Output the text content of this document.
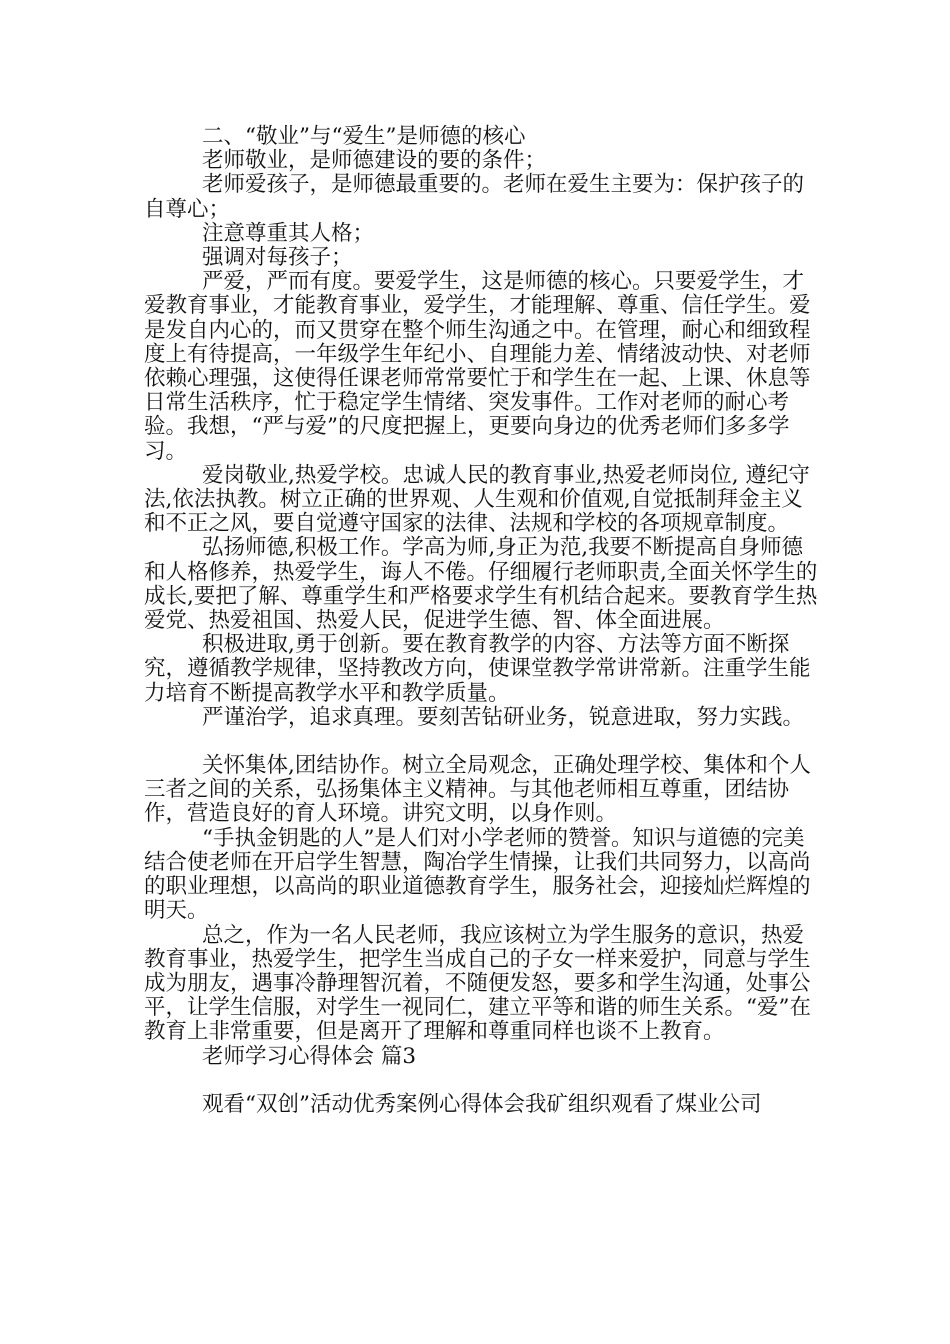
二、“敬业”与“爱生”是师德的核心

老师敬业，是师德建设的要的条件；

老师爱孩子，是师德最重要的。老师在爱生主要为：保护孩子的自尊心；

注意尊重其人格；

强调对每孩子；

严爱，严而有度。要爱学生，这是师德的核心。只要爱学生，才爱教育事业，才能教育事业，爱学生，才能理解、尊重、信任学生。爱是发自内心的，而又贯穿在整个师生沟通之中。在管理，耐心和细致程度上有待提高，一年级学生年纪小、自理能力差、情绪波动快、对老师依赖心理强，这使得任课老师常常要忙于和学生在一起、上课、休息等日常生活秩序，忙于稳定学生情绪、突发事件。工作对老师的耐心考验。我想，“严与爱”的尺度把握上，更要向身边的优秀老师们多多学习。

爱岗敬业,热爱学校。忠诚人民的教育事业,热爱老师岗位, 遵纪守法,依法执教。树立正确的世界观、人生观和价值观,自觉抵制拜金主义和不正之风，要自觉遵守国家的法律、法规和学校的各项规章制度。

弘扬师德,积极工作。学高为师,身正为范,我要不断提高自身师德和人格修养，热爱学生，诲人不倦。仔细履行老师职责,全面关怀学生的成长,要把了解、尊重学生和严格要求学生有机结合起来。要教育学生热爱党、热爱祖国、热爱人民，促进学生德、智、体全面进展。

积极进取,勇于创新。要在教育教学的内容、方法等方面不断探究，遵循教学规律，坚持教改方向，使课堂教学常讲常新。注重学生能力培育不断提高教学水平和教学质量。

严谨治学，追求真理。要刻苦钻研业务，锐意进取，努力实践。

关怀集体,团结协作。树立全局观念，正确处理学校、集体和个人三者之间的关系，弘扬集体主义精神。与其他老师相互尊重，团结协作，营造良好的育人环境。讲究文明，以身作则。

“手执金钥匙的人”是人们对小学老师的赞誉。知识与道德的完美结合使老师在开启学生智慧，陶冶学生情操，让我们共同努力，以高尚的职业理想，以高尚的职业道德教育学生，服务社会，迎接灿烂辉煌的明天。

总之，作为一名人民老师，我应该树立为学生服务的意识，热爱教育事业，热爱学生，把学生当成自己的子女一样来爱护，同意与学生成为朋友，遇事冷静理智沉着，不随便发怒，要多和学生沟通，处事公平，让学生信服，对学生一视同仁，建立平等和谐的师生关系。“爱”在教育上非常重要，但是离开了理解和尊重同样也谈不上教育。

老师学习心得体会 篇3

观看“双创”活动优秀案例心得体会我矿组织观看了煤业公司
